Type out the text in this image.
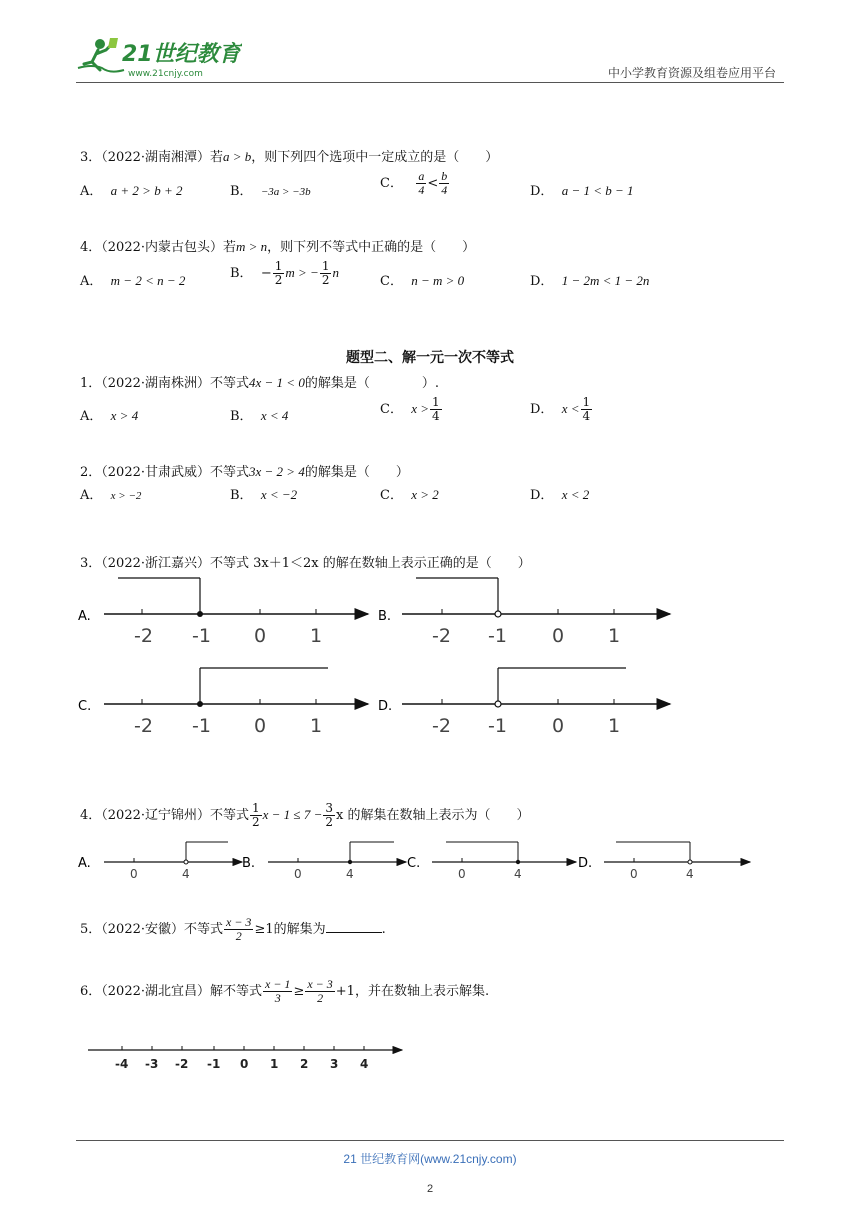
21世纪教育
www.21cnjy.com	中小学教育资源及组卷应用平台
3．（2022·湖南湘潭）若a > b，则下列四个选项中一定成立的是（　　）
A． a + 2 > b + 2	B． −3a > −3b
C． $\frac{a}{4} < \frac{b}{4}$	D． a − 1 < b − 1
4．（2022·内蒙古包头）若m > n，则下列不等式中正确的是（　　）
A． m − 2 < n − 2	B． − $\frac{1}{2}$ m > − $\frac{1}{2}$ n
C． n − m > 0	D． 1 − 2m < 1 − 2n
题型二、解一元一次不等式
1．（2022·湖南株洲）不等式4x − 1 < 0的解集是（　　　　）.
A． x > 4	B． x < 4	C． $x > \frac{1}{4}$	D． $x < \frac{1}{4}$
2．（2022·甘肃武威）不等式3x − 2 > 4的解集是（　　）
A． x > −2	B． x < −2	C． x > 2	D． x < 2
3．（2022·浙江嘉兴）不等式 3x＋1＜2x 的解在数轴上表示正确的是（　　）
A.
-2 -1 0 1
B.
-2 -1 0 1
C.
-2 -1 0 1
D.
-2 -1 0 1
4．（2022·辽宁锦州）不等式 $\frac{1}{2}$ $x - 1 \le 7 - \frac{3}{2}$ x 的解集在数轴上表示为（　　）
A.
0	4
B.
0	4
C.
0	4
D.
0	4
5．（2022·安徽）不等式 $\frac{x - 3}{2} \ge 1$的解集为	.
6．（2022·湖北宜昌）解不等式 $\frac{x - 1}{3} \ge \frac{x - 3}{2} +1$，并在数轴上表示解集.
-4 -3 -2 -1 0 1 2 3 4
21 世纪教育网(www.21cnjy.com)
2
